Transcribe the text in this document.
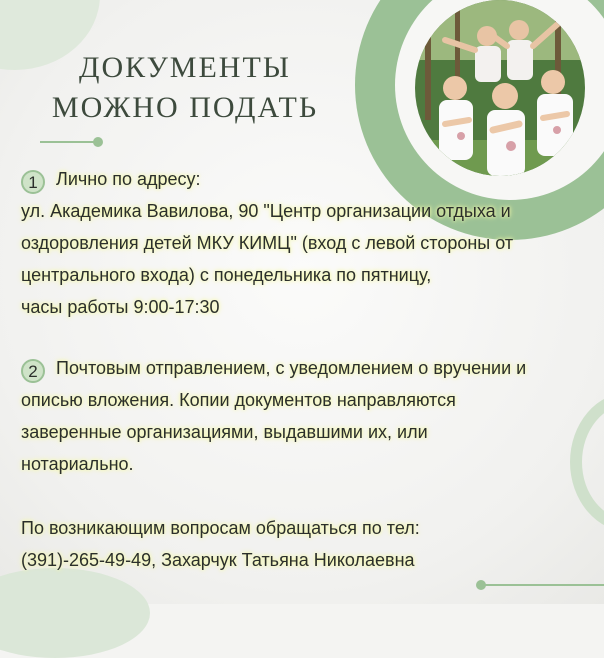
ДОКУМЕНТЫ
МОЖНО ПОДАТЬ
1 Лично по адресу:
ул. Академика Вавилова, 90 "Центр организации отдыха и
оздоровления детей МКУ КИМЦ" (вход с левой стороны от
центрального входа) с понедельника по пятницу,
часы работы 9:00-17:30
2 Почтовым отправлением, с уведомлением о вручении и
описью вложения. Копии документов направляются
заверенные организациями, выдавшими их, или
нотариально.
По возникающим вопросам обращаться по тел:
(391)-265-49-49, Захарчук Татьяна Николаевна
